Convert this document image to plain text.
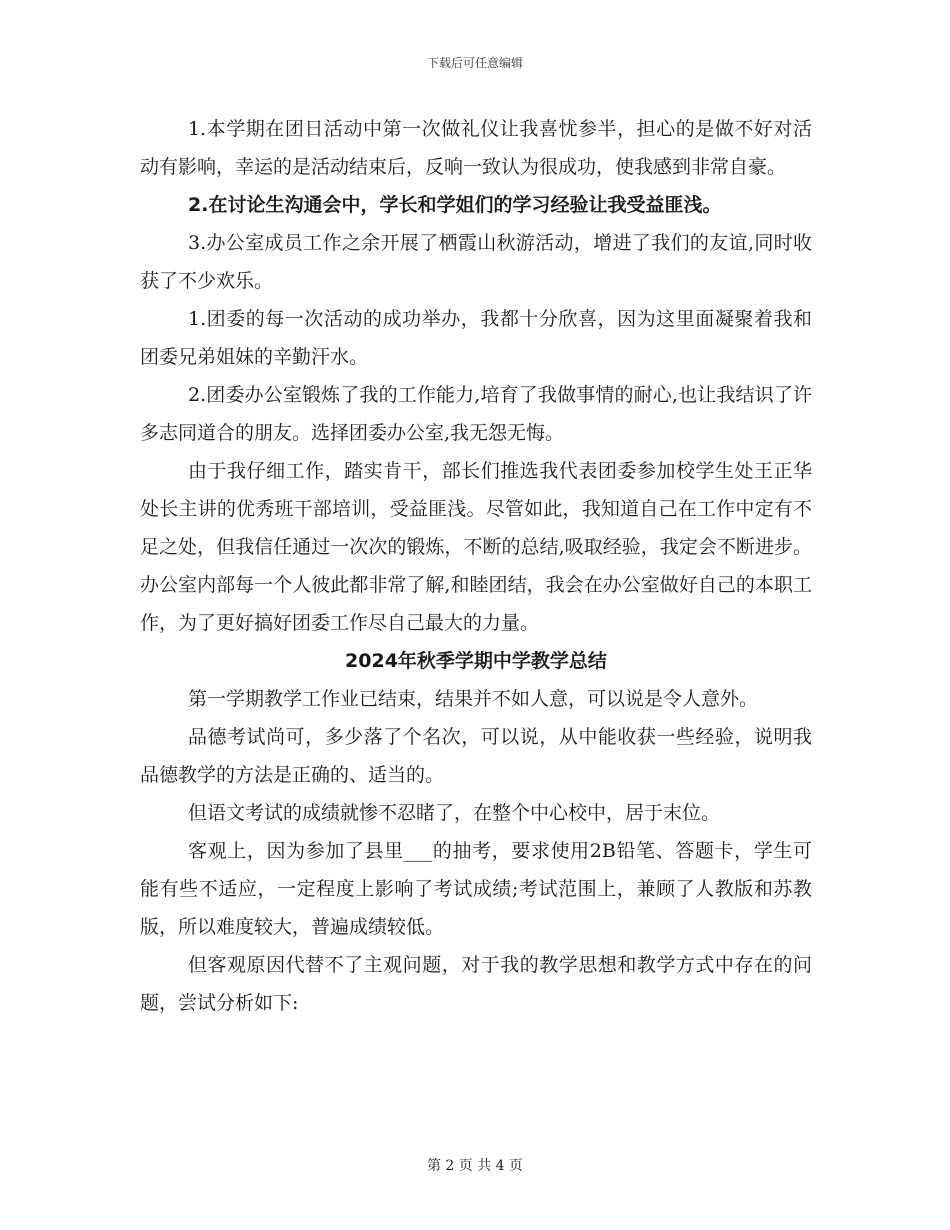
下载后可任意编辑

1.本学期在团日活动中第一次做礼仪让我喜忧参半，担心的是做不好对活动有影响，幸运的是活动结束后，反响一致认为很成功，使我感到非常自豪。

2.在讨论生沟通会中，学长和学姐们的学习经验让我受益匪浅。

3.办公室成员工作之余开展了栖霞山秋游活动，增进了我们的友谊,同时收获了不少欢乐。

1.团委的每一次活动的成功举办，我都十分欣喜，因为这里面凝聚着我和团委兄弟姐妹的辛勤汗水。

2.团委办公室锻炼了我的工作能力,培育了我做事情的耐心,也让我结识了许多志同道合的朋友。选择团委办公室,我无怨无悔。

由于我仔细工作，踏实肯干，部长们推选我代表团委参加校学生处王正华处长主讲的优秀班干部培训，受益匪浅。尽管如此，我知道自己在工作中定有不足之处，但我信任通过一次次的锻炼，不断的总结,吸取经验，我定会不断进步。办公室内部每一个人彼此都非常了解,和睦团结，我会在办公室做好自己的本职工作，为了更好搞好团委工作尽自己最大的力量。

2024年秋季学期中学教学总结

第一学期教学工作业已结束，结果并不如人意，可以说是令人意外。

品德考试尚可，多少落了个名次，可以说，从中能收获一些经验，说明我品德教学的方法是正确的、适当的。

但语文考试的成绩就惨不忍睹了，在整个中心校中，居于末位。

客观上，因为参加了县里___的抽考，要求使用2B铅笔、答题卡，学生可能有些不适应，一定程度上影响了考试成绩;考试范围上，兼顾了人教版和苏教版，所以难度较大，普遍成绩较低。

但客观原因代替不了主观问题，对于我的教学思想和教学方式中存在的问题，尝试分析如下:

第 2 页 共 4 页
